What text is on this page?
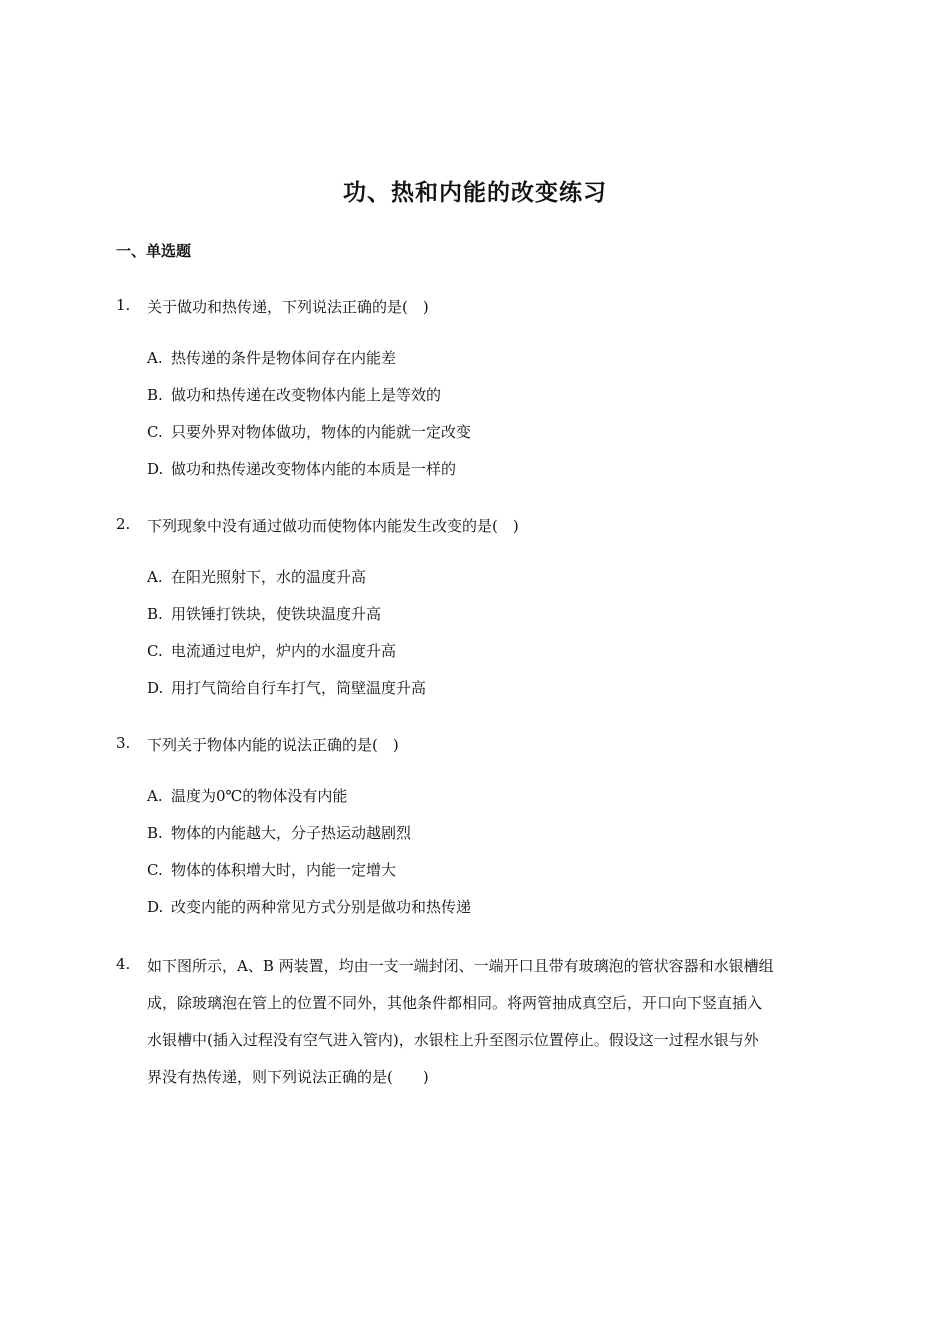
功、热和内能的改变练习
一、单选题
1. 关于做功和热传递，下列说法正确的是(　)
A. 热传递的条件是物体间存在内能差
B. 做功和热传递在改变物体内能上是等效的
C. 只要外界对物体做功，物体的内能就一定改变
D. 做功和热传递改变物体内能的本质是一样的
2. 下列现象中没有通过做功而使物体内能发生改变的是(　)
A. 在阳光照射下，水的温度升高
B. 用铁锤打铁块，使铁块温度升高
C. 电流通过电炉，炉内的水温度升高
D. 用打气筒给自行车打气，筒壁温度升高
3. 下列关于物体内能的说法正确的是(　)
A. 温度为0℃的物体没有内能
B. 物体的内能越大，分子热运动越剧烈
C. 物体的体积增大时，内能一定增大
D. 改变内能的两种常见方式分别是做功和热传递
4. 如下图所示，A、B 两装置，均由一支一端封闭、一端开口且带有玻璃泡的管状容器和水银槽组
成，除玻璃泡在管上的位置不同外，其他条件都相同。将两管抽成真空后，开口向下竖直插入
水银槽中(插入过程没有空气进入管内)，水银柱上升至图示位置停止。假设这一过程水银与外
界没有热传递，则下列说法正确的是(　　)
